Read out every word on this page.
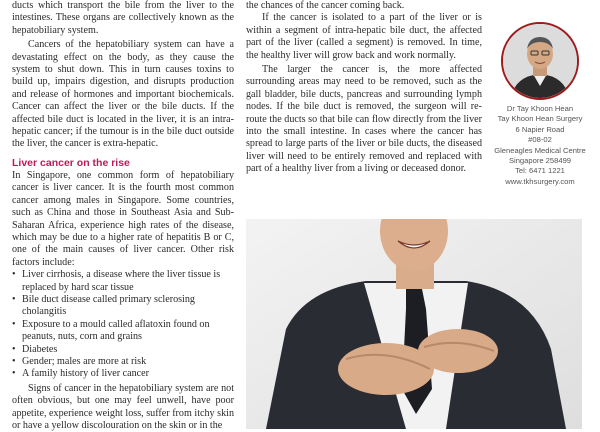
ducts which transport the bile from the liver to the intestines. These organs are collectively known as the hepatobiliary system.

Cancers of the hepatobiliary system can have a devastating effect on the body, as they cause the system to shut down. This in turn causes toxins to build up, impairs digestion, and disrupts production and release of hormones and important biochemicals. Cancer can affect the liver or the bile ducts. If the affected bile duct is located in the liver, it is an intra-hepatic cancer; if the tumour is in the bile duct outside the liver, the cancer is extra-hepatic.

Liver cancer on the rise

In Singapore, one common form of hepatobiliary cancer is liver cancer. It is the fourth most common cancer among males in Singapore. Some countries, such as China and those in Southeast Asia and Sub-Saharan Africa, experience high rates of the disease, which may be due to a higher rate of hepatitis B or C, one of the main causes of liver cancer. Other risk factors include:

• Liver cirrhosis, a disease where the liver tissue is replaced by hard scar tissue
• Bile duct disease called primary sclerosing cholangitis
• Exposure to a mould called aflatoxin found on peanuts, nuts, corn and grains
• Diabetes
• Gender; males are more at risk
• A family history of liver cancer

Signs of cancer in the hepatobiliary system are not often obvious, but one may feel unwell, have poor appetite, experience weight loss, suffer from itchy skin or have a yellow discolouration on the skin or in the

the chances of the cancer coming back.

If the cancer is isolated to a part of the liver or is within a segment of intra-hepatic bile duct, the affected part of the liver (called a segment) is removed. In time, the healthy liver will grow back and work normally.

The larger the cancer is, the more affected surrounding areas may need to be removed, such as the gall bladder, bile ducts, pancreas and surrounding lymph nodes. If the bile duct is removed, the surgeon will re-route the ducts so that bile can flow directly from the liver into the small intestine. In cases where the cancer has spread to large parts of the liver or bile ducts, the diseased liver will need to be entirely removed and replaced with part of a healthy liver from a living or deceased donor.

Dr Tay Khoon Hean
Tay Khoon Hean Surgery
6 Napier Road
#08-02
Gleneagles Medical Centre
Singapore 258499
Tel: 6471 1221
www.tkhsurgery.com
